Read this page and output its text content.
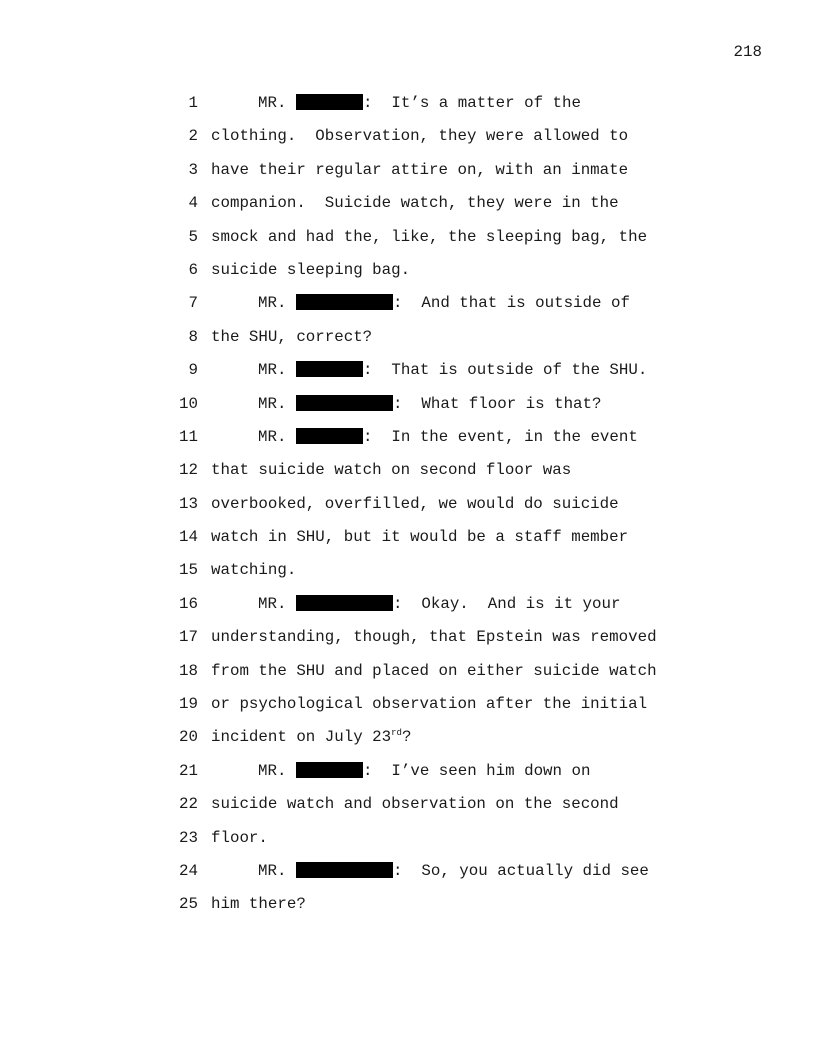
218
1	MR.	:  It’s a matter of the
2 clothing.  Observation, they were allowed to
3 have their regular attire on, with an inmate
4 companion.  Suicide watch, they were in the
5 smock and had the, like, the sleeping bag, the
6 suicide sleeping bag.
7	MR.	:  And that is outside of
8 the SHU, correct?
9	MR.	:  That is outside of the SHU.
10	MR.	:  What floor is that?
11	MR.	:  In the event, in the event
12 that suicide watch on second floor was
13 overbooked, overfilled, we would do suicide
14 watch in SHU, but it would be a staff member
15 watching.
16	MR.	:  Okay.  And is it your
17 understanding, though, that Epstein was removed
18 from the SHU and placed on either suicide watch
19 or psychological observation after the initial
20 incident on July 23rd?
21	MR.	:  I’ve seen him down on
22 suicide watch and observation on the second
23 floor.
24	MR.	:  So, you actually did see
25 him there?
